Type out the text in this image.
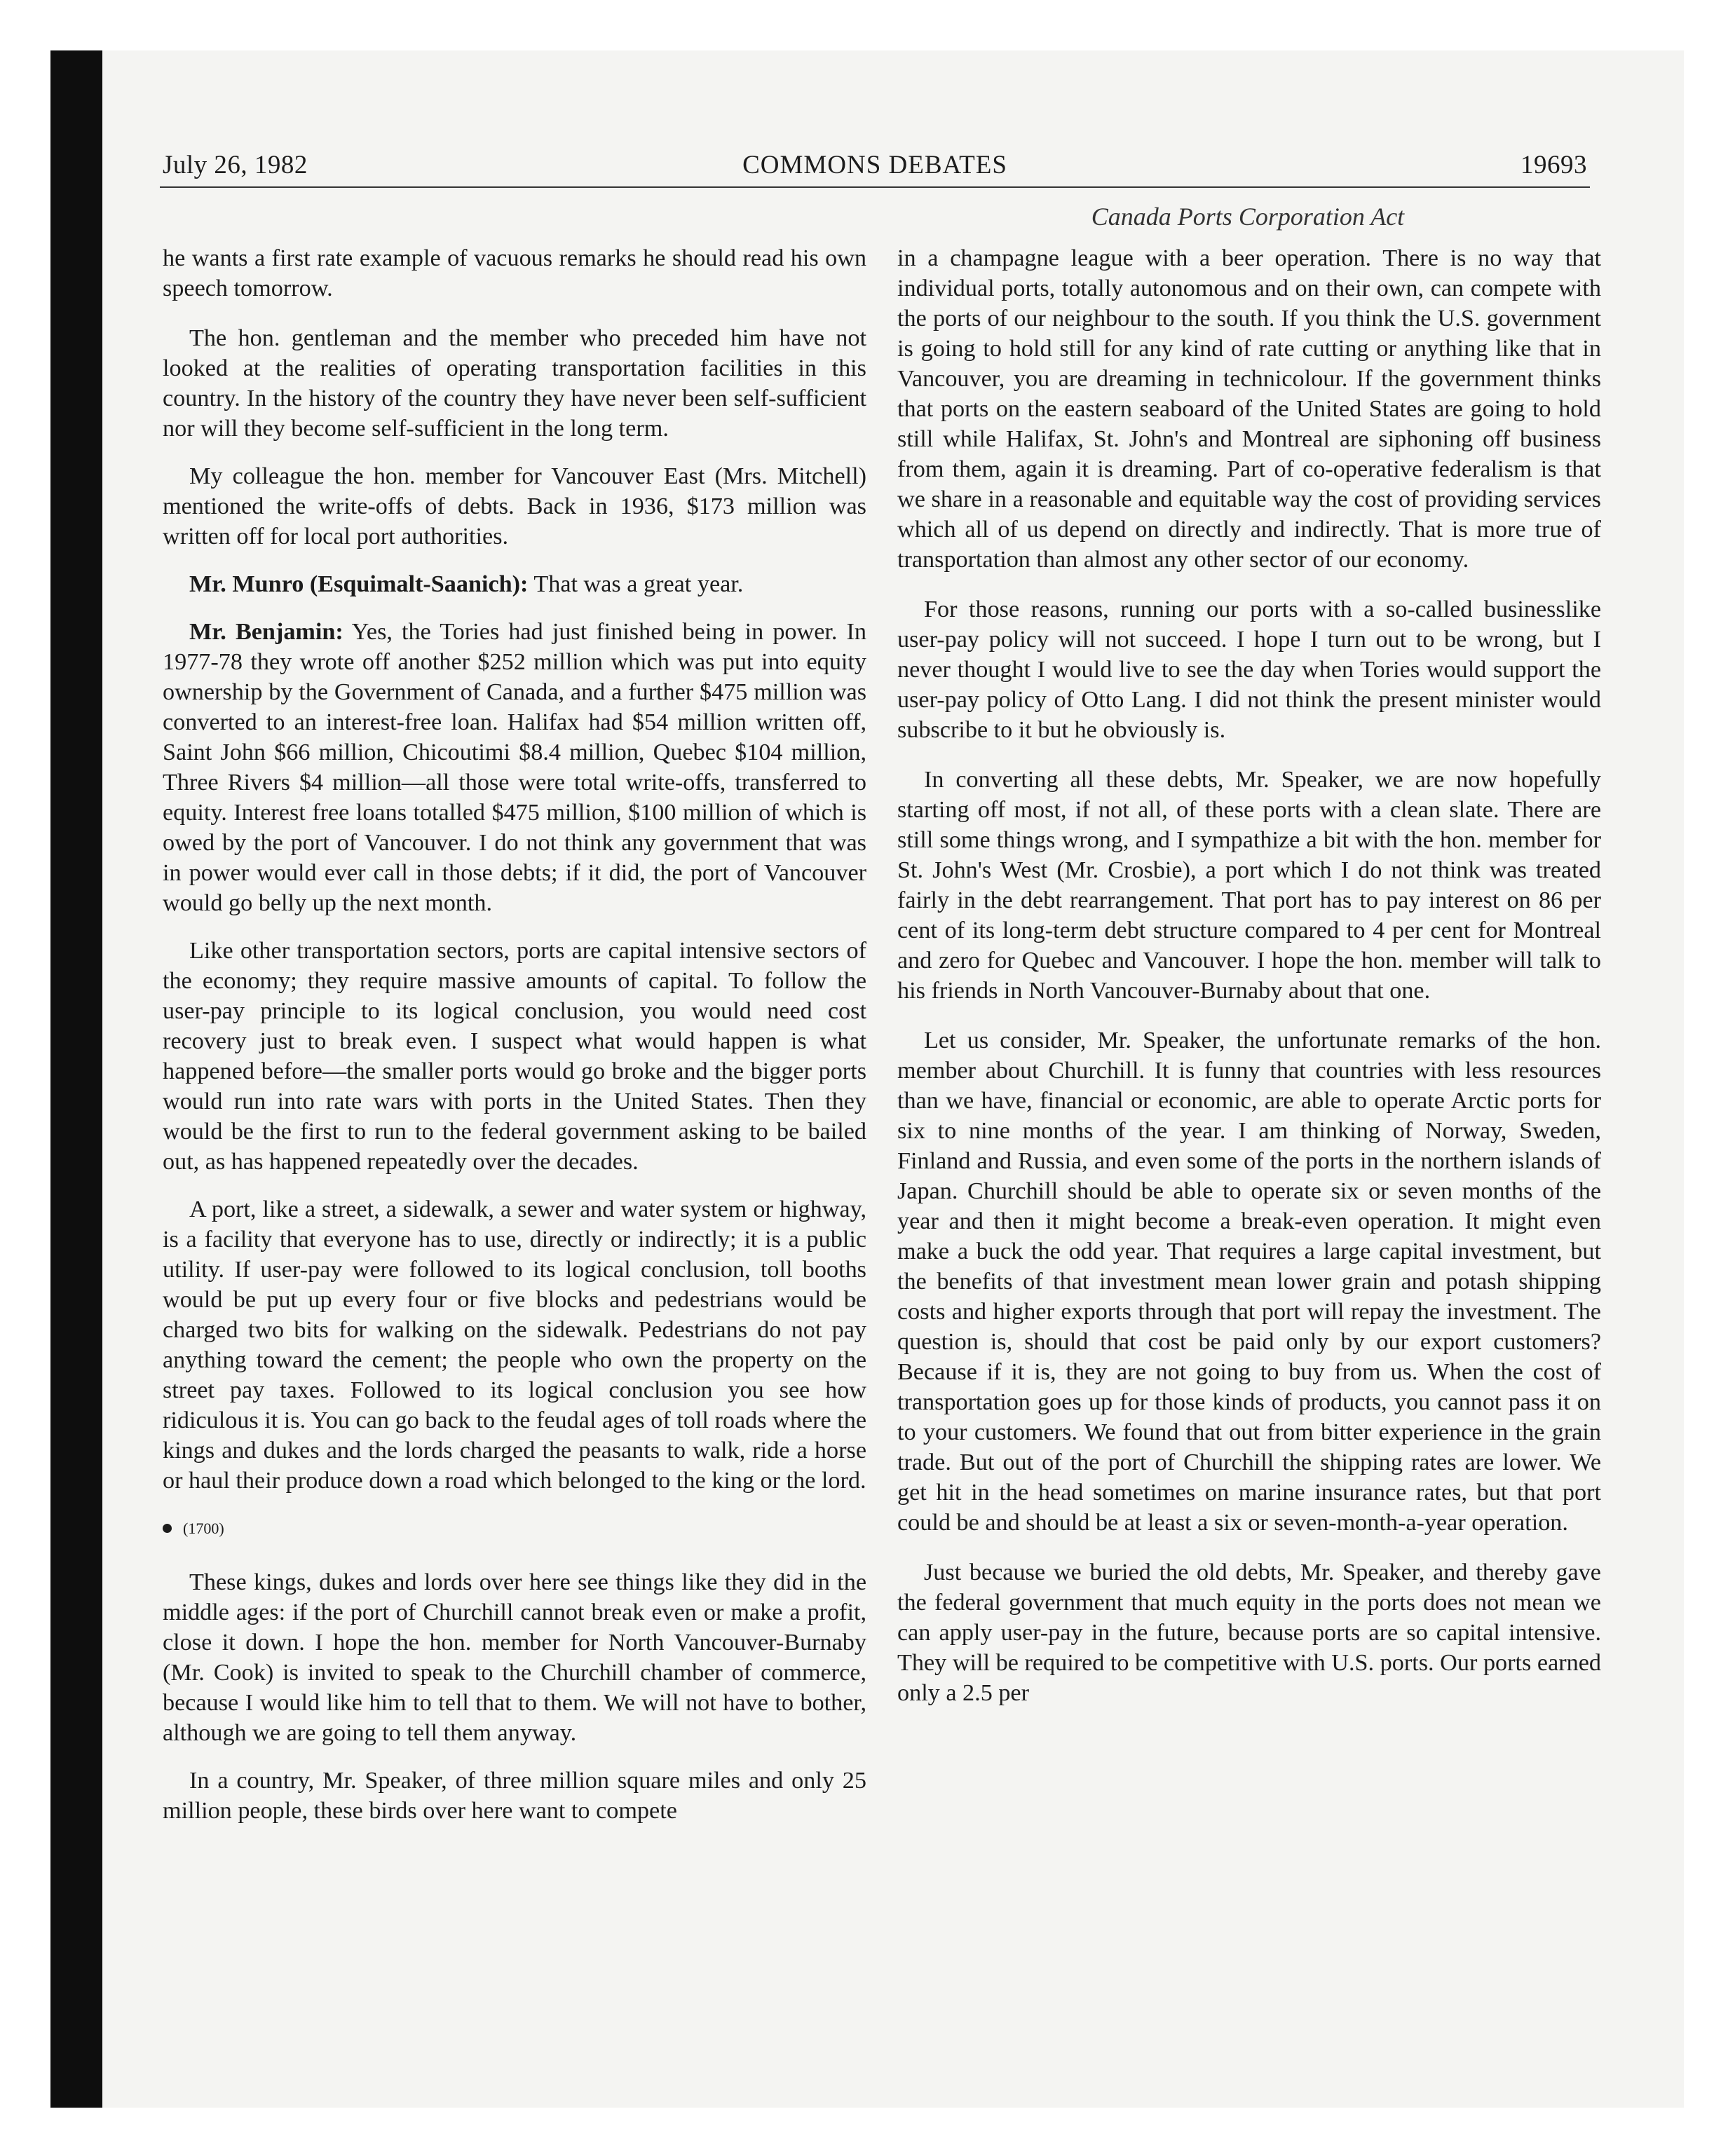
July 26, 1982	COMMONS DEBATES	19693
Canada Ports Corporation Act

he wants a first rate example of vacuous remarks he should read his own speech tomorrow.

The hon. gentleman and the member who preceded him have not looked at the realities of operating transportation facilities in this country. In the history of the country they have never been self-sufficient nor will they become self-sufficient in the long term.

My colleague the hon. member for Vancouver East (Mrs. Mitchell) mentioned the write-offs of debts. Back in 1936, $173 million was written off for local port authorities.

Mr. Munro (Esquimalt-Saanich): That was a great year.

Mr. Benjamin: Yes, the Tories had just finished being in power. In 1977-78 they wrote off another $252 million which was put into equity ownership by the Government of Canada, and a further $475 million was converted to an interest-free loan. Halifax had $54 million written off, Saint John $66 million, Chicoutimi $8.4 million, Quebec $104 million, Three Rivers $4 million—all those were total write-offs, transferred to equity. Interest free loans totalled $475 million, $100 million of which is owed by the port of Vancouver. I do not think any government that was in power would ever call in those debts; if it did, the port of Vancouver would go belly up the next month.

Like other transportation sectors, ports are capital intensive sectors of the economy; they require massive amounts of capital. To follow the user-pay principle to its logical conclusion, you would need cost recovery just to break even. I suspect what would happen is what happened before—the smaller ports would go broke and the bigger ports would run into rate wars with ports in the United States. Then they would be the first to run to the federal government asking to be bailed out, as has happened repeatedly over the decades.

A port, like a street, a sidewalk, a sewer and water system or highway, is a facility that everyone has to use, directly or indirectly; it is a public utility. If user-pay were followed to its logical conclusion, toll booths would be put up every four or five blocks and pedestrians would be charged two bits for walking on the sidewalk. Pedestrians do not pay anything toward the cement; the people who own the property on the street pay taxes. Followed to its logical conclusion you see how ridiculous it is. You can go back to the feudal ages of toll roads where the kings and dukes and the lords charged the peasants to walk, ride a horse or haul their produce down a road which belonged to the king or the lord.

(1700)

These kings, dukes and lords over here see things like they did in the middle ages: if the port of Churchill cannot break even or make a profit, close it down. I hope the hon. member for North Vancouver-Burnaby (Mr. Cook) is invited to speak to the Churchill chamber of commerce, because I would like him to tell that to them. We will not have to bother, although we are going to tell them anyway.

In a country, Mr. Speaker, of three million square miles and only 25 million people, these birds over here want to compete

in a champagne league with a beer operation. There is no way that individual ports, totally autonomous and on their own, can compete with the ports of our neighbour to the south. If you think the U.S. government is going to hold still for any kind of rate cutting or anything like that in Vancouver, you are dreaming in technicolour. If the government thinks that ports on the eastern seaboard of the United States are going to hold still while Halifax, St. John's and Montreal are siphoning off business from them, again it is dreaming. Part of co-operative federalism is that we share in a reasonable and equitable way the cost of providing services which all of us depend on directly and indirectly. That is more true of transportation than almost any other sector of our economy.

For those reasons, running our ports with a so-called businesslike user-pay policy will not succeed. I hope I turn out to be wrong, but I never thought I would live to see the day when Tories would support the user-pay policy of Otto Lang. I did not think the present minister would subscribe to it but he obviously is.

In converting all these debts, Mr. Speaker, we are now hopefully starting off most, if not all, of these ports with a clean slate. There are still some things wrong, and I sympathize a bit with the hon. member for St. John's West (Mr. Crosbie), a port which I do not think was treated fairly in the debt rearrangement. That port has to pay interest on 86 per cent of its long-term debt structure compared to 4 per cent for Montreal and zero for Quebec and Vancouver. I hope the hon. member will talk to his friends in North Vancouver-Burnaby about that one.

Let us consider, Mr. Speaker, the unfortunate remarks of the hon. member about Churchill. It is funny that countries with less resources than we have, financial or economic, are able to operate Arctic ports for six to nine months of the year. I am thinking of Norway, Sweden, Finland and Russia, and even some of the ports in the northern islands of Japan. Churchill should be able to operate six or seven months of the year and then it might become a break-even operation. It might even make a buck the odd year. That requires a large capital investment, but the benefits of that investment mean lower grain and potash shipping costs and higher exports through that port will repay the investment. The question is, should that cost be paid only by our export customers? Because if it is, they are not going to buy from us. When the cost of transportation goes up for those kinds of products, you cannot pass it on to your customers. We found that out from bitter experience in the grain trade. But out of the port of Churchill the shipping rates are lower. We get hit in the head sometimes on marine insurance rates, but that port could be and should be at least a six or seven-month-a-year operation.

Just because we buried the old debts, Mr. Speaker, and thereby gave the federal government that much equity in the ports does not mean we can apply user-pay in the future, because ports are so capital intensive. They will be required to be competitive with U.S. ports. Our ports earned only a 2.5 per
